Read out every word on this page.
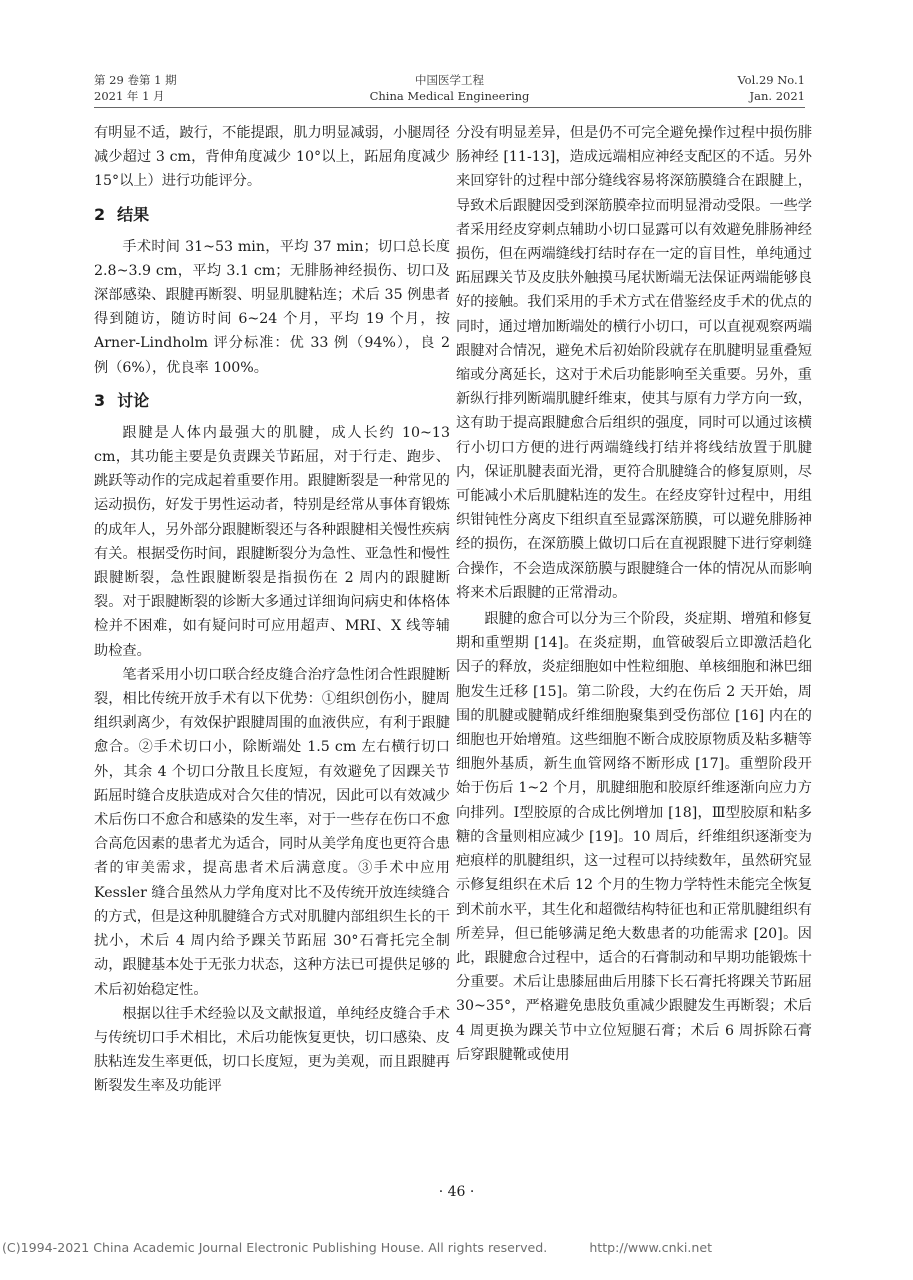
第 29 卷第 1 期
2021 年 1 月
中国医学工程
China Medical Engineering
Vol.29 No.1
Jan. 2021

有明显不适，跛行，不能提跟，肌力明显减弱，小腿周径减少超过 3 cm，背伸角度减少 10°以上，跖屈角度减少 15°以上）进行功能评分。

2 结果

手术时间 31~53 min，平均 37 min；切口总长度 2.8~3.9 cm，平均 3.1 cm；无腓肠神经损伤、切口及深部感染、跟腱再断裂、明显肌腱粘连；术后 35 例患者得到随访，随访时间 6~24 个月，平均 19 个月，按 Arner-Lindholm 评分标准：优 33 例（94%），良 2 例（6%），优良率 100%。

3 讨论

跟腱是人体内最强大的肌腱，成人长约 10~13 cm，其功能主要是负责踝关节跖屈，对于行走、跑步、跳跃等动作的完成起着重要作用。跟腱断裂是一种常见的运动损伤，好发于男性运动者，特别是经常从事体育锻炼的成年人，另外部分跟腱断裂还与各种跟腱相关慢性疾病有关。根据受伤时间，跟腱断裂分为急性、亚急性和慢性跟腱断裂，急性跟腱断裂是指损伤在 2 周内的跟腱断裂。对于跟腱断裂的诊断大多通过详细询问病史和体格体检并不困难，如有疑问时可应用超声、MRI、X 线等辅助检查。

笔者采用小切口联合经皮缝合治疗急性闭合性跟腱断裂，相比传统开放手术有以下优势：①组织创伤小，腱周组织剥离少，有效保护跟腱周围的血液供应，有利于跟腱愈合。②手术切口小，除断端处 1.5 cm 左右横行切口外，其余 4 个切口分散且长度短，有效避免了因踝关节跖屈时缝合皮肤造成对合欠佳的情况，因此可以有效减少术后伤口不愈合和感染的发生率，对于一些存在伤口不愈合高危因素的患者尤为适合，同时从美学角度也更符合患者的审美需求，提高患者术后满意度。③手术中应用 Kessler 缝合虽然从力学角度对比不及传统开放连续缝合的方式，但是这种肌腱缝合方式对肌腱内部组织生长的干扰小，术后 4 周内给予踝关节跖屈 30°石膏托完全制动，跟腱基本处于无张力状态，这种方法已可提供足够的术后初始稳定性。

根据以往手术经验以及文献报道，单纯经皮缝合手术与传统切口手术相比，术后功能恢复更快，切口感染、皮肤粘连发生率更低，切口长度短，更为美观，而且跟腱再断裂发生率及功能评

分没有明显差异，但是仍不可完全避免操作过程中损伤腓肠神经 [11-13]，造成远端相应神经支配区的不适。另外来回穿针的过程中部分缝线容易将深筋膜缝合在跟腱上，导致术后跟腱因受到深筋膜牵拉而明显滑动受限。一些学者采用经皮穿刺点辅助小切口显露可以有效避免腓肠神经损伤，但在两端缝线打结时存在一定的盲目性，单纯通过跖屈踝关节及皮肤外触摸马尾状断端无法保证两端能够良好的接触。我们采用的手术方式在借鉴经皮手术的优点的同时，通过增加断端处的横行小切口，可以直视观察两端跟腱对合情况，避免术后初始阶段就存在肌腱明显重叠短缩或分离延长，这对于术后功能影响至关重要。另外，重新纵行排列断端肌腱纤维束，使其与原有力学方向一致，这有助于提高跟腱愈合后组织的强度，同时可以通过该横行小切口方便的进行两端缝线打结并将线结放置于肌腱内，保证肌腱表面光滑，更符合肌腱缝合的修复原则，尽可能减小术后肌腱粘连的发生。在经皮穿针过程中，用组织钳钝性分离皮下组织直至显露深筋膜，可以避免腓肠神经的损伤，在深筋膜上做切口后在直视跟腱下进行穿刺缝合操作，不会造成深筋膜与跟腱缝合一体的情况从而影响将来术后跟腱的正常滑动。

跟腱的愈合可以分为三个阶段，炎症期、增殖和修复期和重塑期 [14]。在炎症期，血管破裂后立即激活趋化因子的释放，炎症细胞如中性粒细胞、单核细胞和淋巴细胞发生迁移 [15]。第二阶段，大约在伤后 2 天开始，周围的肌腱或腱鞘成纤维细胞聚集到受伤部位 [16] 内在的细胞也开始增殖。这些细胞不断合成胶原物质及粘多糖等细胞外基质，新生血管网络不断形成 [17]。重塑阶段开始于伤后 1~2 个月，肌腱细胞和胶原纤维逐渐向应力方向排列。Ⅰ型胶原的合成比例增加 [18]，Ⅲ型胶原和粘多糖的含量则相应减少 [19]。10 周后，纤维组织逐渐变为疤痕样的肌腱组织，这一过程可以持续数年，虽然研究显示修复组织在术后 12 个月的生物力学特性未能完全恢复到术前水平，其生化和超微结构特征也和正常肌腱组织有所差异，但已能够满足绝大数患者的功能需求 [20]。因此，跟腱愈合过程中，适合的石膏制动和早期功能锻炼十分重要。术后让患膝屈曲后用膝下长石膏托将踝关节跖屈 30~35°，严格避免患肢负重减少跟腱发生再断裂；术后 4 周更换为踝关节中立位短腿石膏；术后 6 周拆除石膏后穿跟腱靴或使用

· 46 ·
(C)1994-2021 China Academic Journal Electronic Publishing House. All rights reserved.	http://www.cnki.net
